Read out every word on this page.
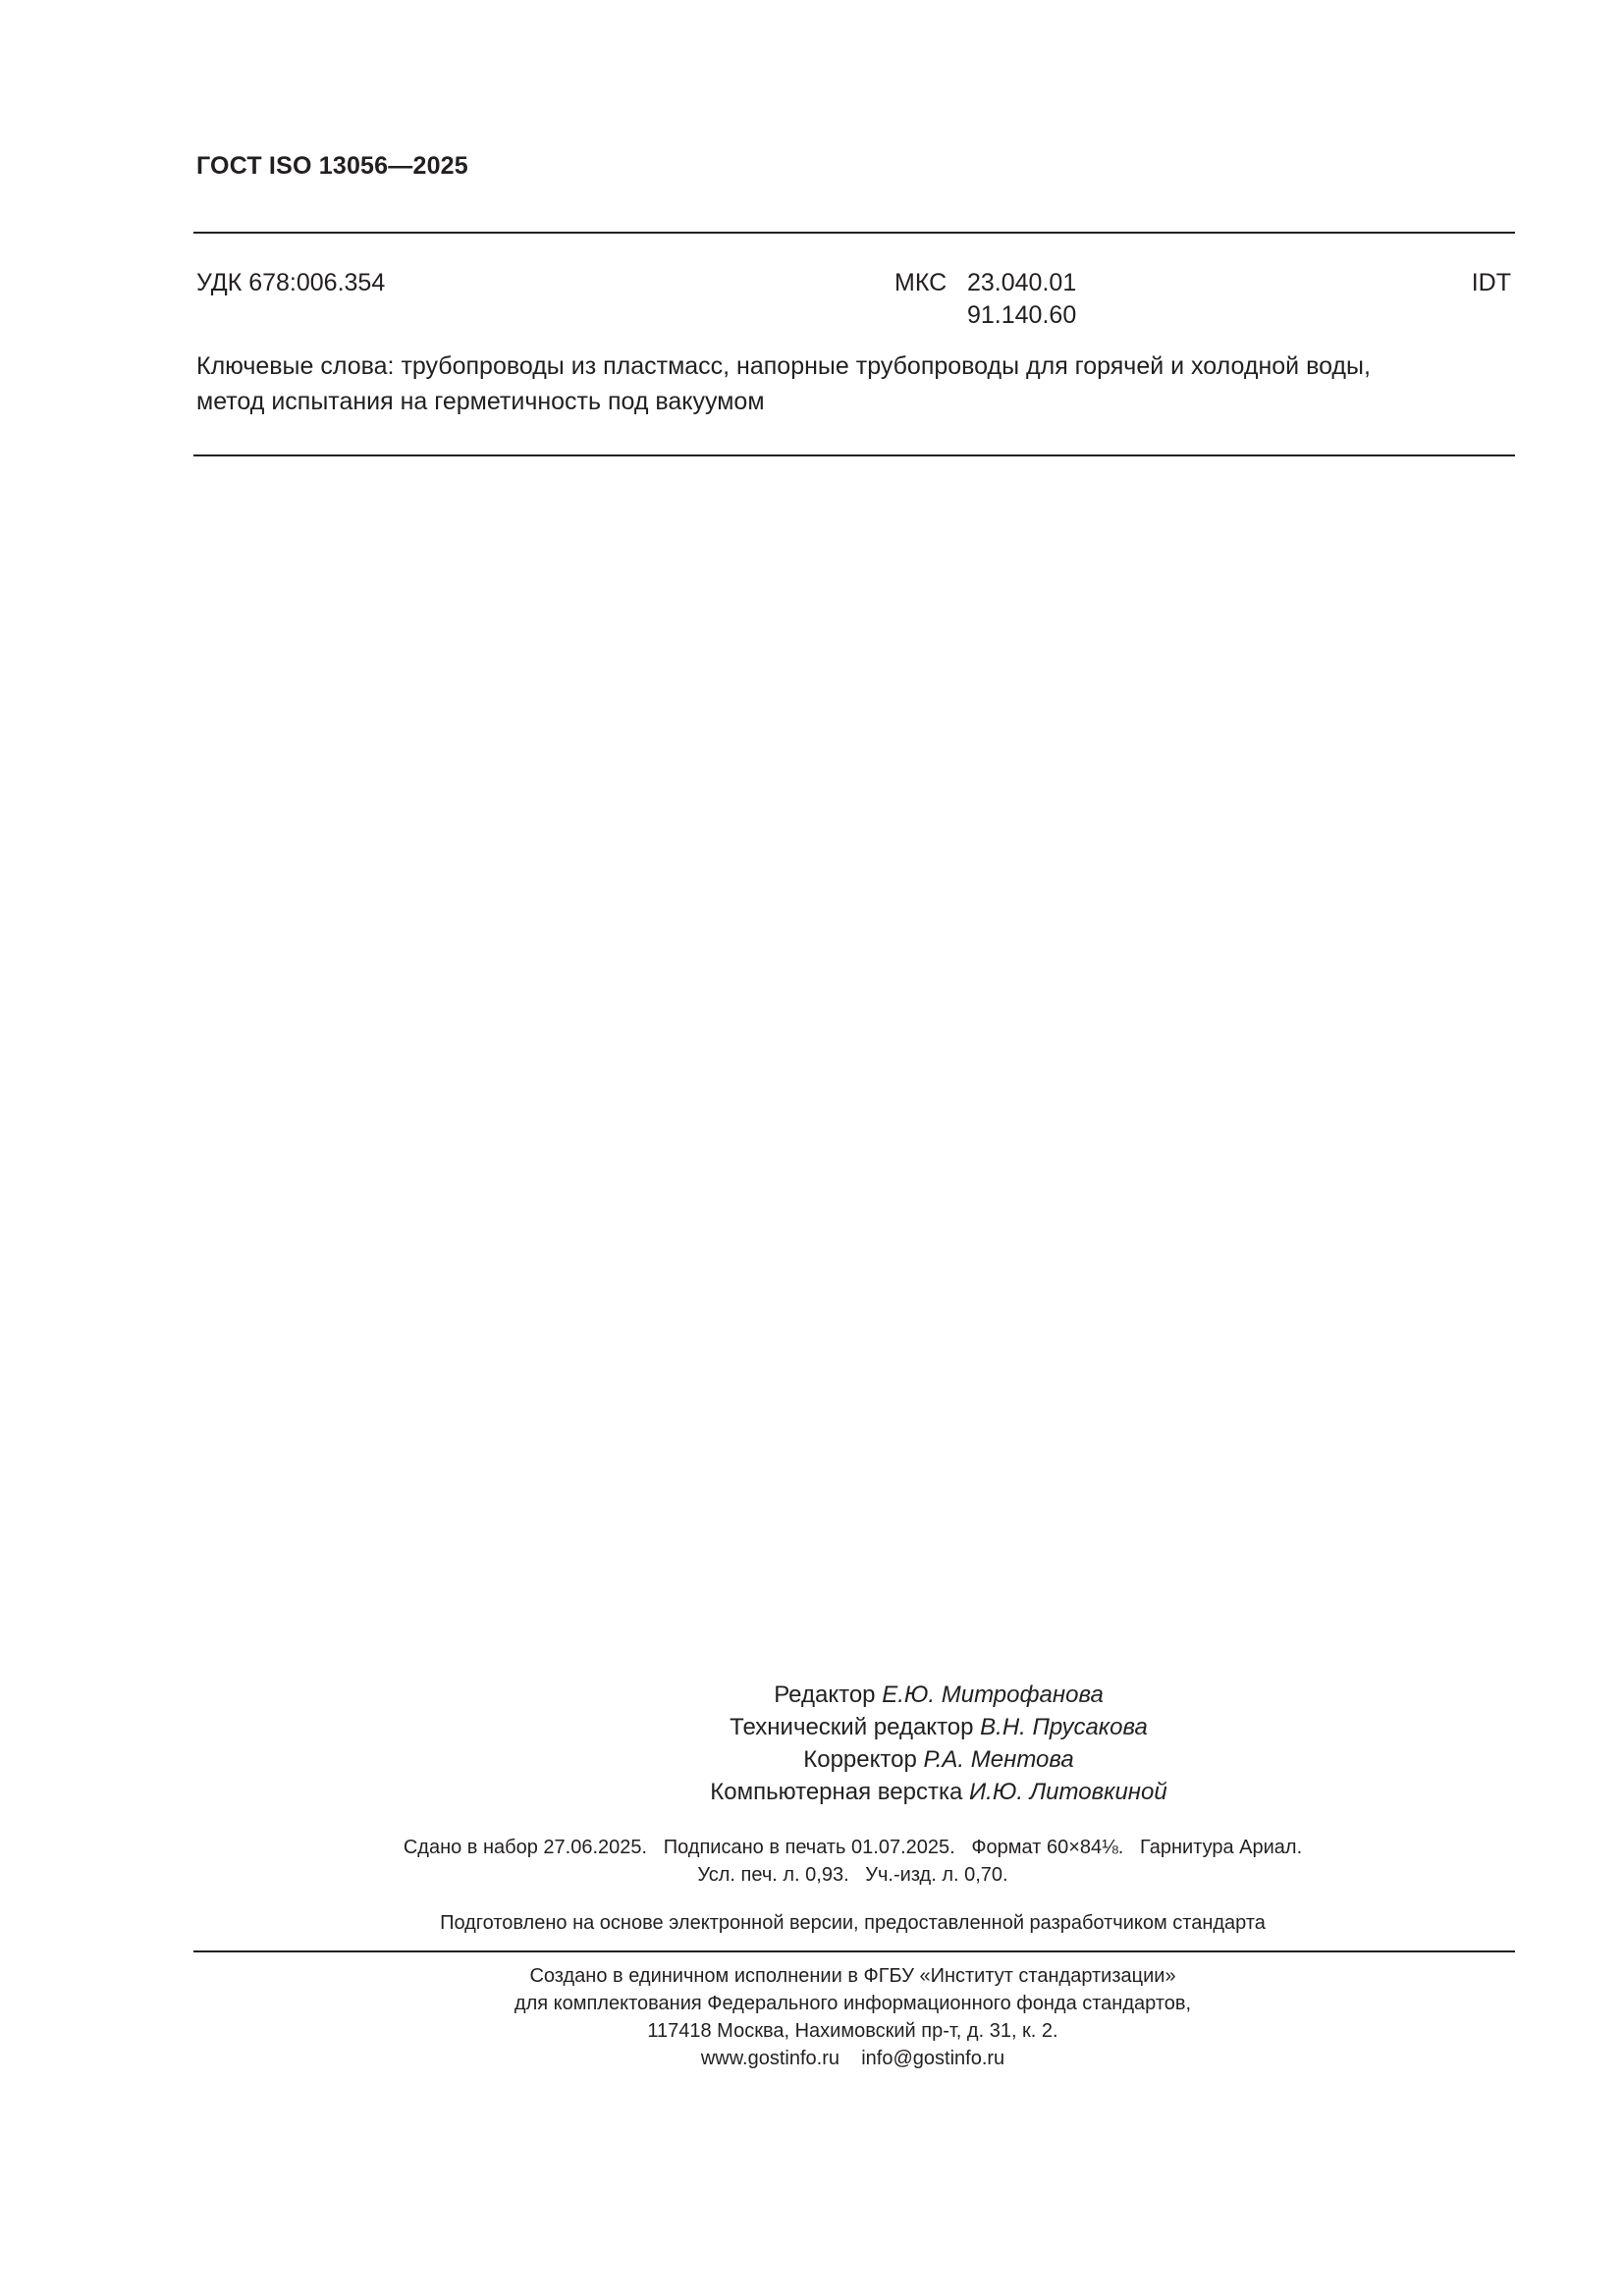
ГОСТ ISO 13056—2025
УДК 678:006.354	МКС 23.040.01
91.140.60
IDT
Ключевые слова: трубопроводы из пластмасс, напорные трубопроводы для горячей и холодной воды,
метод испытания на герметичность под вакуумом
Редактор Е.Ю. Митрофанова
Технический редактор В.Н. Прусакова
Корректор Р.А. Ментова
Компьютерная верстка И.Ю. Литовкиной
Сдано в набор 27.06.2025.   Подписано в печать 01.07.2025.   Формат 60×84⅛.   Гарнитура Ариал.
Усл. печ. л. 0,93.   Уч.-изд. л. 0,70.
Подготовлено на основе электронной версии, предоставленной разработчиком стандарта
Создано в единичном исполнении в ФГБУ «Институт стандартизации»
для комплектования Федерального информационного фонда стандартов,
117418 Москва, Нахимовский пр-т, д. 31, к. 2.
www.gostinfo.ru    info@gostinfo.ru
